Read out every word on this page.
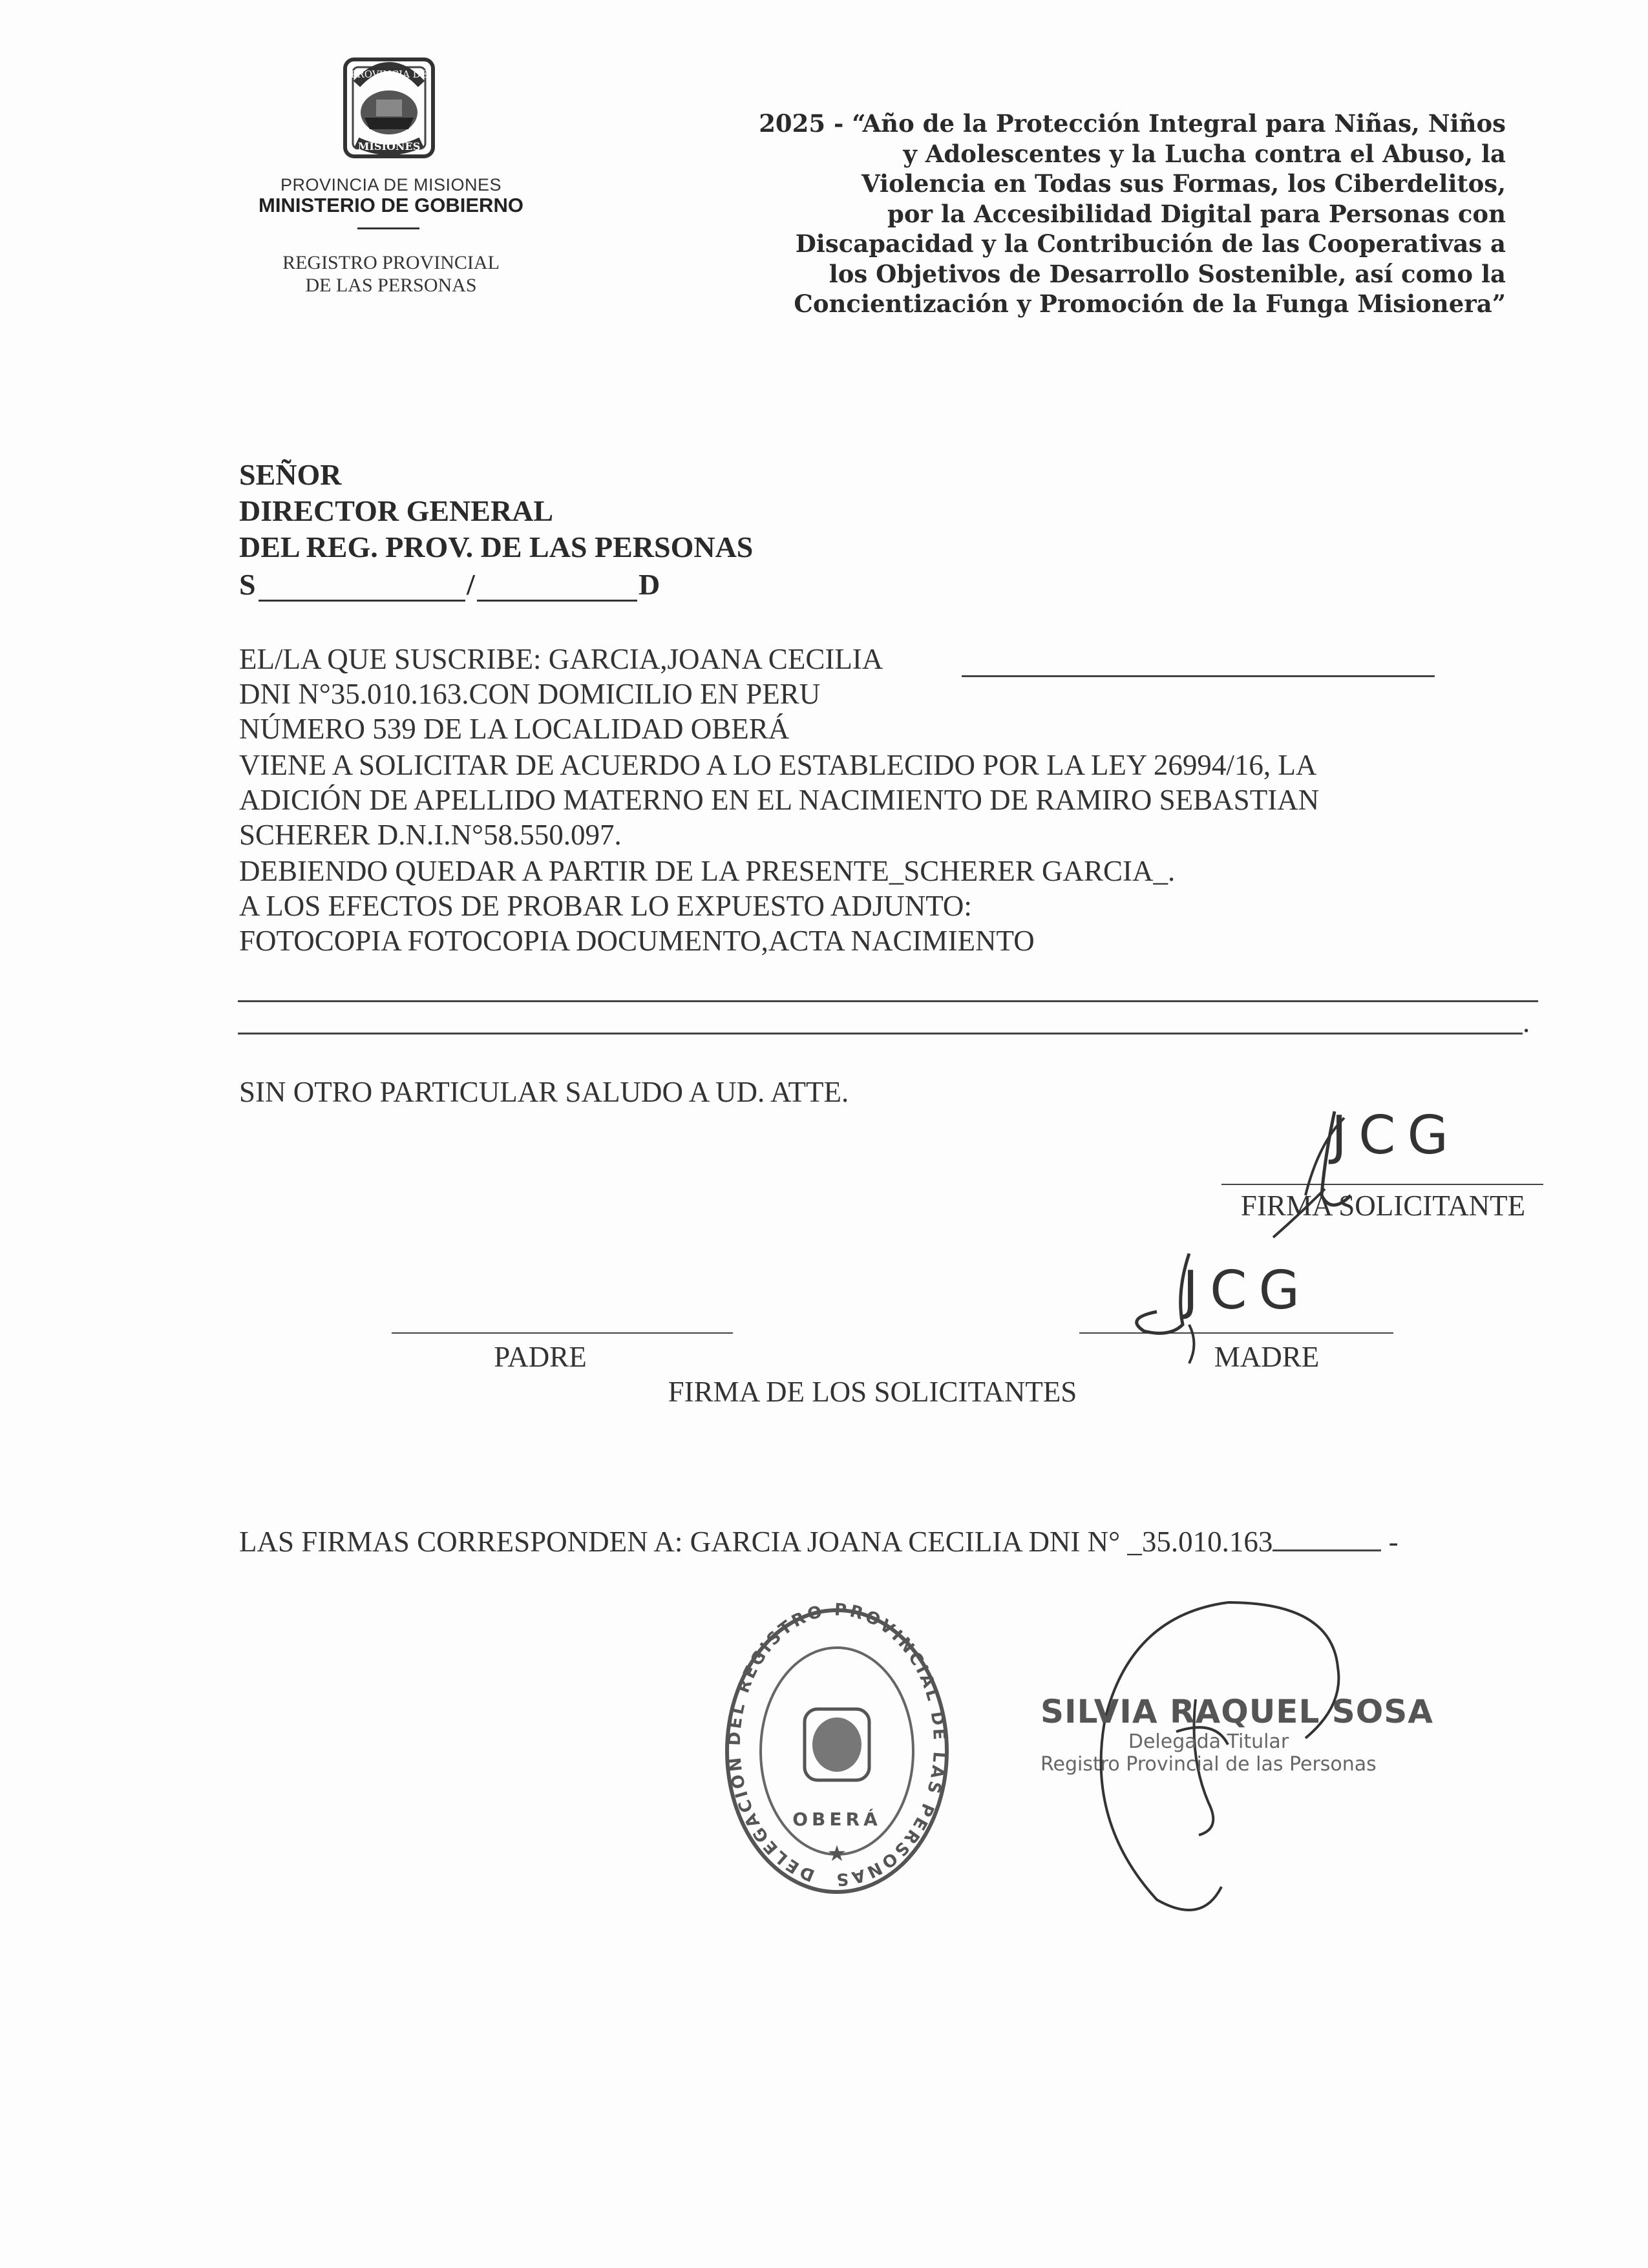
PROVINCIA DE
MISIONES
PROVINCIA DE MISIONES
MINISTERIO DE GOBIERNO
REGISTRO PROVINCIAL
DE LAS PERSONAS
2025 - “Año de la Protección Integral para Niñas, Niños
y Adolescentes y la Lucha contra el Abuso, la
Violencia en Todas sus Formas, los Ciberdelitos,
por la Accesibilidad Digital para Personas con
Discapacidad y la Contribución de las Cooperativas a
los Objetivos de Desarrollo Sostenible, así como la
Concientización y Promoción de la Funga Misionera”
SEÑOR
DIRECTOR GENERAL
DEL REG. PROV. DE LAS PERSONAS
S	/	D
EL/LA QUE SUSCRIBE: GARCIA,JOANA CECILIA
DNI N°35.010.163.CON DOMICILIO EN PERU
NÚMERO 539 DE LA LOCALIDAD OBERÁ
VIENE A SOLICITAR DE ACUERDO A LO ESTABLECIDO POR LA LEY 26994/16, LA
ADICIÓN DE APELLIDO MATERNO EN EL NACIMIENTO DE RAMIRO SEBASTIAN
SCHERER D.N.I.N°58.550.097.
DEBIENDO QUEDAR A PARTIR DE LA PRESENTE_SCHERER GARCIA_.
A LOS EFECTOS DE PROBAR LO EXPUESTO ADJUNTO:
FOTOCOPIA FOTOCOPIA DOCUMENTO,ACTA NACIMIENTO
.
SIN OTRO PARTICULAR SALUDO A UD. ATTE.
JCG
FIRMA SOLICITANTE
PADRE
JCG
MADRE
FIRMA DE LOS SOLICITANTES
LAS FIRMAS CORRESPONDEN A: GARCIA JOANA CECILIA DNI N° _35.010.163	-
DELEGACION DEL REGISTRO PROVINCIAL DE LAS PERSONAS
OBERÁ
★
SILVIA RAQUEL SOSA
Delegada Titular
Registro Provincial de las Personas
